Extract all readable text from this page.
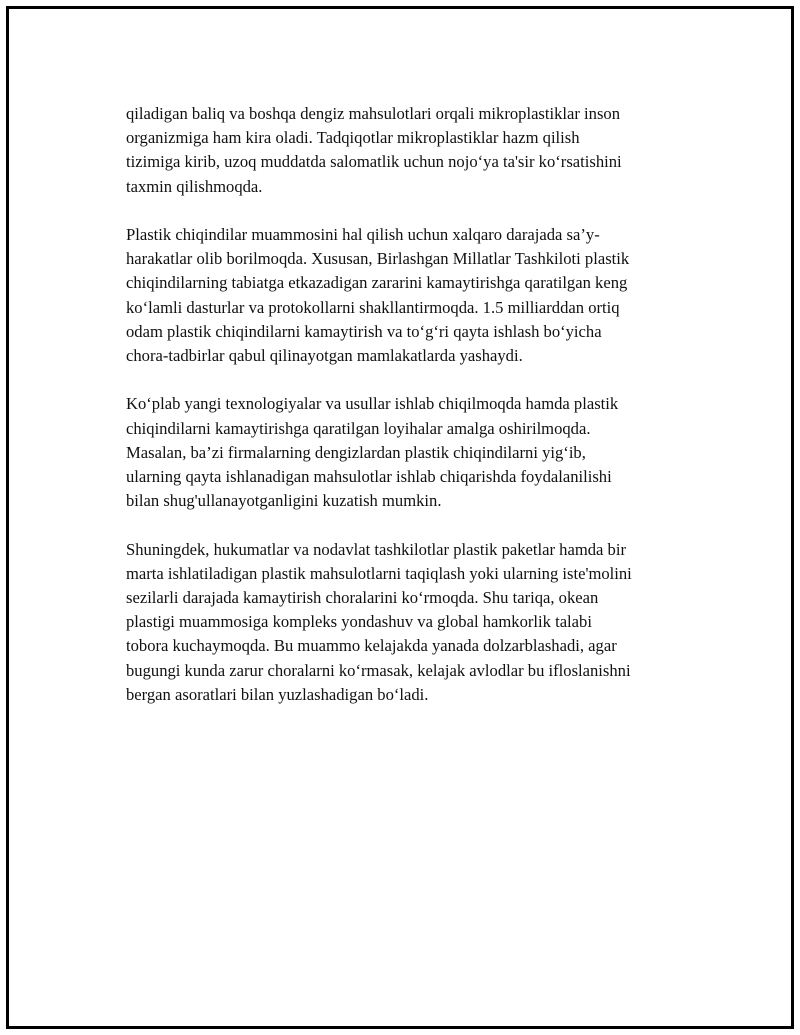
qiladigan baliq va boshqa dengiz mahsulotlari orqali mikroplastiklar inson
organizmiga ham kira oladi. Tadqiqotlar mikroplastiklar hazm qilish
tizimiga kirib, uzoq muddatda salomatlik uchun nojo‘ya ta'sir ko‘rsatishini
taxmin qilishmoqda.

Plastik chiqindilar muammosini hal qilish uchun xalqaro darajada sa’y-
harakatlar olib borilmoqda. Xususan, Birlashgan Millatlar Tashkiloti plastik
chiqindilarning tabiatga etkazadigan zararini kamaytirishga qaratilgan keng
ko‘lamli dasturlar va protokollarni shakllantirmoqda. 1.5 milliarddan ortiq
odam plastik chiqindilarni kamaytirish va to‘g‘ri qayta ishlash bo‘yicha
chora-tadbirlar qabul qilinayotgan mamlakatlarda yashaydi.

Ko‘plab yangi texnologiyalar va usullar ishlab chiqilmoqda hamda plastik
chiqindilarni kamaytirishga qaratilgan loyihalar amalga oshirilmoqda.
Masalan, ba’zi firmalarning dengizlardan plastik chiqindilarni yig‘ib,
ularning qayta ishlanadigan mahsulotlar ishlab chiqarishda foydalanilishi
bilan shug'ullanayotganligini kuzatish mumkin.

Shuningdek, hukumatlar va nodavlat tashkilotlar plastik paketlar hamda bir
marta ishlatiladigan plastik mahsulotlarni taqiqlash yoki ularning iste'molini
sezilarli darajada kamaytirish choralarini ko‘rmoqda. Shu tariqa, okean
plastigi muammosiga kompleks yondashuv va global hamkorlik talabi
tobora kuchaymoqda. Bu muammo kelajakda yanada dolzarblashadi, agar
bugungi kunda zarur choralarni ko‘rmasak, kelajak avlodlar bu ifloslanishni
bergan asoratlari bilan yuzlashadigan bo‘ladi.
